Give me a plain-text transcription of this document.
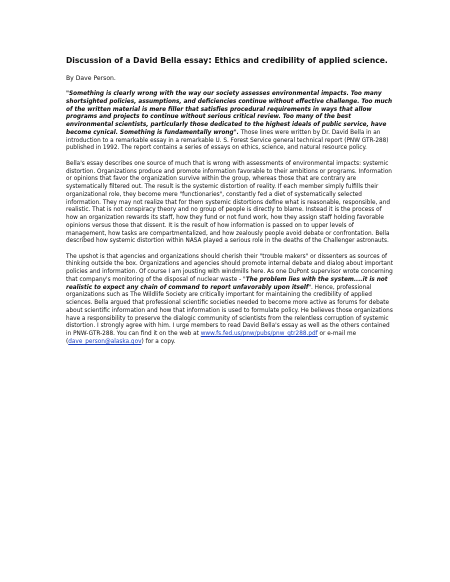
Discussion of a David Bella essay: Ethics and credibility of applied science.
By Dave Person.
"Something is clearly wrong with the way our society assesses environmental impacts. Too many shortsighted policies, assumptions, and deficiencies continue without effective challenge. Too much of the written material is mere filler that satisfies procedural requirements in ways that allow programs and projects to continue without serious critical review. Too many of the best environmental scientists, particularly those dedicated to the highest ideals of public service, have become cynical. Something is fundamentally wrong". Those lines were written by Dr. David Bella in an introduction to a remarkable essay in a remarkable U. S. Forest Service general technical report (PNW GTR-288) published in 1992. The report contains a series of essays on ethics, science, and natural resource policy.
Bella's essay describes one source of much that is wrong with assessments of environmental impacts: systemic distortion. Organizations produce and promote information favorable to their ambitions or programs. Information or opinions that favor the organization survive within the group, whereas those that are contrary are systematically filtered out. The result is the systemic distortion of reality. If each member simply fulfills their organizational role, they become mere "functionaries", constantly fed a diet of systematically selected information. They may not realize that for them systemic distortions define what is reasonable, responsible, and realistic. That is not conspiracy theory and no group of people is directly to blame. Instead it is the process of how an organization rewards its staff, how they fund or not fund work, how they assign staff holding favorable opinions versus those that dissent. It is the result of how information is passed on to upper levels of management, how tasks are compartmentalized, and how zealously people avoid debate or confrontation. Bella described how systemic distortion within NASA played a serious role in the deaths of the Challenger astronauts.
The upshot is that agencies and organizations should cherish their "trouble makers" or dissenters as sources of thinking outside the box. Organizations and agencies should promote internal debate and dialog about important policies and information. Of course I am jousting with windmills here. As one DuPont supervisor wrote concerning that company's monitoring of the disposal of nuclear waste - "The problem lies with the system....it is not realistic to expect any chain of command to report unfavorably upon itself". Hence, professional organizations such as The Wildlife Society are critically important for maintaining the credibility of applied sciences. Bella argued that professional scientific societies needed to become more active as forums for debate about scientific information and how that information is used to formulate policy. He believes those organizations have a responsibility to preserve the dialogic community of scientists from the relentless corruption of systemic distortion. I strongly agree with him. I urge members to read David Bella's essay as well as the others contained in PNW-GTR-288. You can find it on the web at www.fs.fed.us/pnw/pubs/pnw_gtr288.pdf or e-mail me (dave_person@alaska.gov) for a copy.
